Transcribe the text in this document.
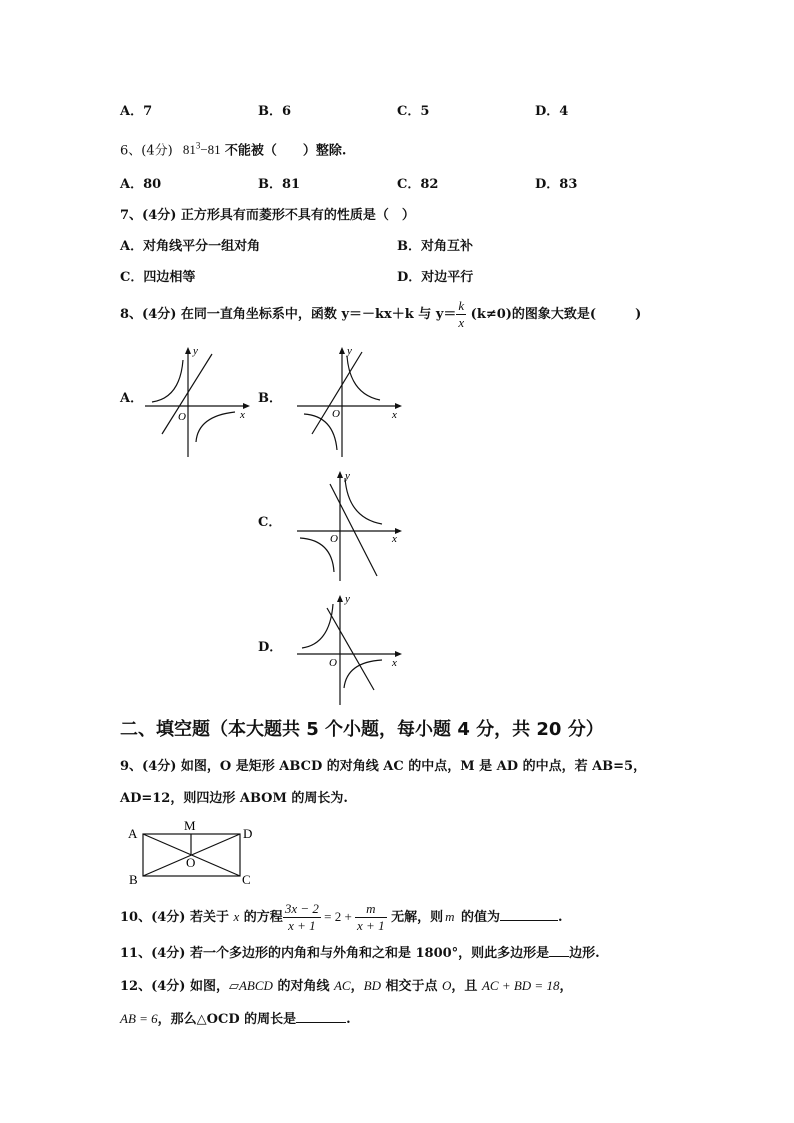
A．7	B．6	C．5	D．4
6、(4分) $81^3-81$ 不能被（　　）整除.
A．80	B．81	C．82	D．83
7、(4分) 正方形具有而菱形不具有的性质是（　）
A．对角线平分一组对角	B．对角互补
C．四边相等	D．对边平行
8、(4分) 在同一直角坐标系中，函数 y＝－kx＋k 与 $y= \frac{k}{x} (k\ne 0)$的图象大致是(　　　)
A．	B．
C．
D．
O	x
y
O	x
y
O	x
y
O	x
y
二、填空题（本大题共 5 个小题，每小题 4 分，共 20 分）
9、(4分) 如图，O 是矩形 ABCD 的对角线 AC 的中点，M 是 AD 的中点，若 AB=5，
AD=12，则四边形 ABOM 的周长为.
A	D
M
O
B	C
10、(4分) 若关于 x 的方程 $\frac{3x - 2}{x + 1} = 2 + \frac{m}{x + 1}$ 无解，则 m 的值为	.
11、(4分) 若一个多边形的内角和与外角和之和是 1800°，则此多边形是 边形.
12、(4分) 如图，▱ABCD 的对角线 AC，BD 相交于点 O，且 AC + BD = 18，
AB = 6，那么△OCD 的周长是	.
